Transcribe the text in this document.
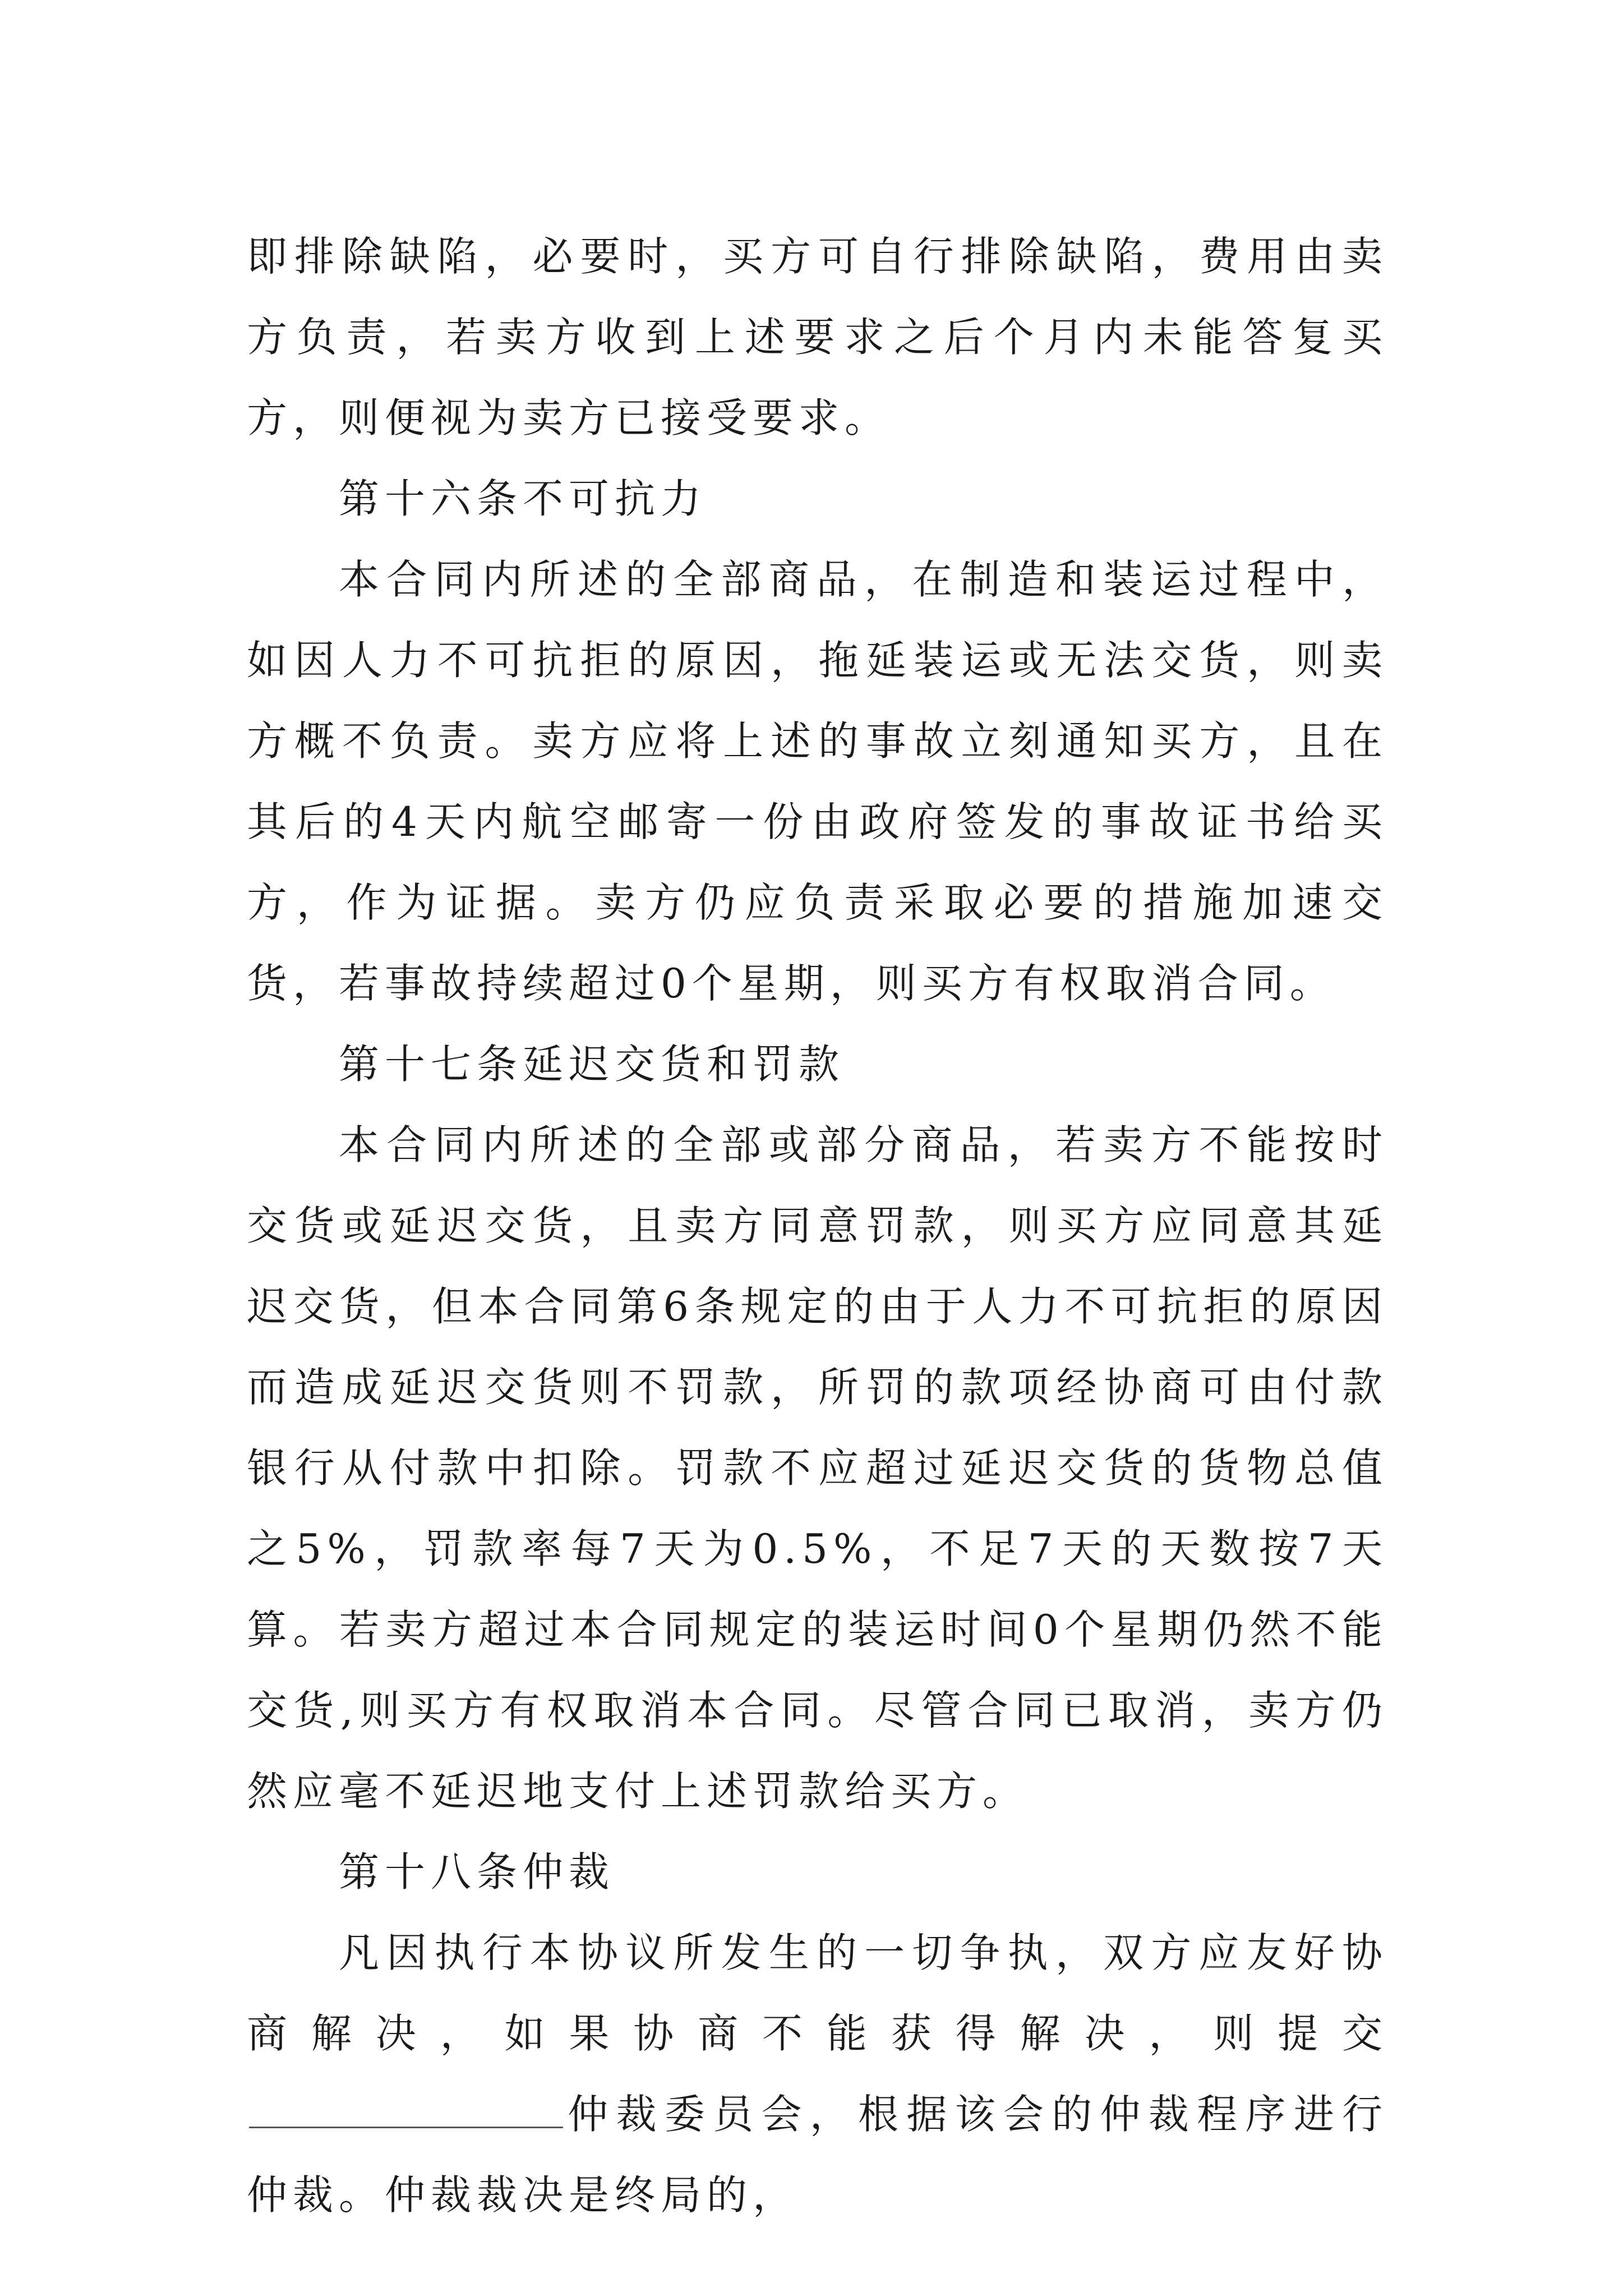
即排除缺陷，必要时，买方可自行排除缺陷，费用由卖方负责，若卖方收到上述要求之后个月内未能答复买方，则便视为卖方已接受要求。

第十六条不可抗力

本合同内所述的全部商品，在制造和装运过程中，如因人力不可抗拒的原因，拖延装运或无法交货，则卖方概不负责。卖方应将上述的事故立刻通知买方，且在其后的4天内航空邮寄一份由政府签发的事故证书给买方，作为证据。卖方仍应负责采取必要的措施加速交货，若事故持续超过0个星期，则买方有权取消合同。

第十七条延迟交货和罚款

本合同内所述的全部或部分商品，若卖方不能按时交货或延迟交货，且卖方同意罚款，则买方应同意其延迟交货，但本合同第6条规定的由于人力不可抗拒的原因而造成延迟交货则不罚款，所罚的款项经协商可由付款银行从付款中扣除。罚款不应超过延迟交货的货物总值之5%，罚款率每7天为0.5%，不足7天的天数按7天算。若卖方超过本合同规定的装运时间0个星期仍然不能交货,则买方有权取消本合同。尽管合同已取消，卖方仍然应毫不延迟地支付上述罚款给买方。

第十八条仲裁

凡因执行本协议所发生的一切争执，双方应友好协商解决，如果协商不能获得解决，则提交仲裁委员会，根据该会的仲裁程序进行仲裁。仲裁裁决是终局的，
